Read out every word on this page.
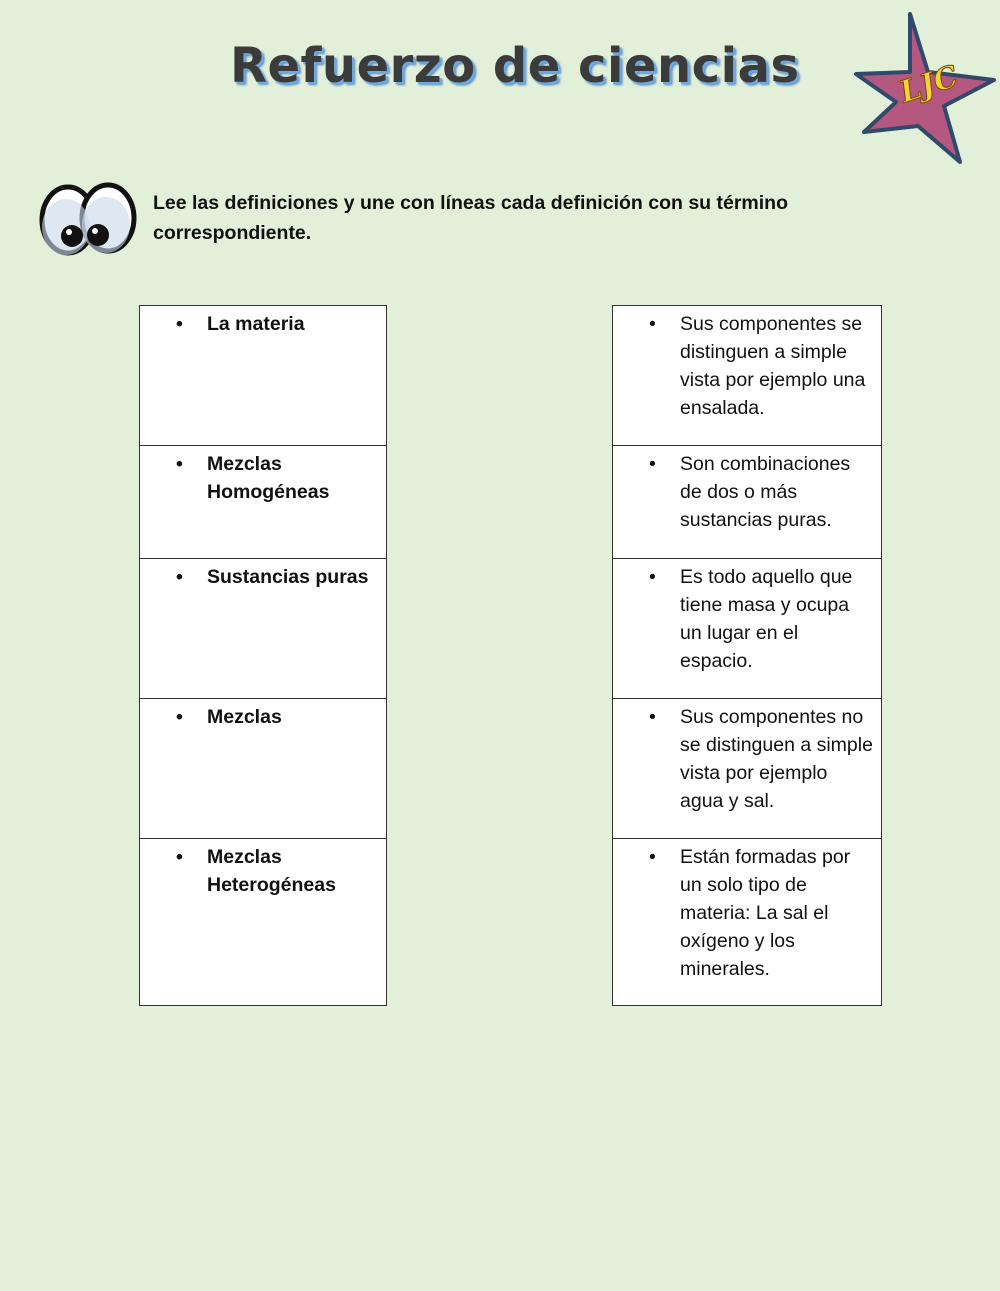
Refuerzo de ciencias	LJC
Lee las definiciones y une con líneas cada definición con su término correspondiente.
• La materia
• Mezclas Homogéneas
• Sustancias puras
• Mezclas
• Mezclas Heterogéneas
• Sus componentes se distinguen a simple vista por ejemplo una ensalada.
• Son combinaciones de dos o más sustancias puras.
• Es todo aquello que tiene masa y ocupa un lugar en el espacio.
• Sus componentes no se distinguen a simple vista por ejemplo agua y sal.
• Están formadas por un solo tipo de materia: La sal el oxígeno y los minerales.
